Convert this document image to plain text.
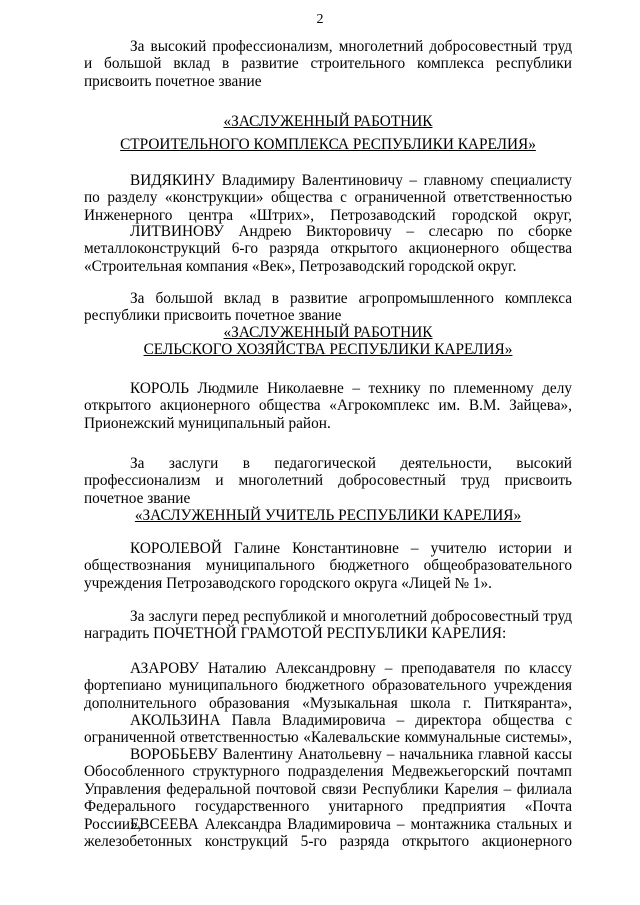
2

За высокий профессионализм, многолетний добросовестный труд и большой вклад в развитие строительного комплекса республики присвоить почетное звание

«ЗАСЛУЖЕННЫЙ РАБОТНИК

СТРОИТЕЛЬНОГО КОМПЛЕКСА РЕСПУБЛИКИ КАРЕЛИЯ»

ВИДЯКИНУ Владимиру Валентиновичу – главному специалисту по разделу «конструкции» общества с ограниченной ответственностью Инженерного центра «Штрих», Петрозаводский городской округ,

ЛИТВИНОВУ Андрею Викторовичу – слесарю по сборке металлоконструкций 6-го разряда открытого акционерного общества «Строительная компания «Век», Петрозаводский городской округ.

За большой вклад в развитие агропромышленного комплекса республики присвоить почетное звание

«ЗАСЛУЖЕННЫЙ РАБОТНИК

СЕЛЬСКОГО ХОЗЯЙСТВА РЕСПУБЛИКИ КАРЕЛИЯ»

КОРОЛЬ Людмиле Николаевне – технику по племенному делу открытого акционерного общества «Агрокомплекс им. В.М. Зайцева», Прионежский муниципальный район.

За заслуги в педагогической деятельности, высокий профессионализм и многолетний добросовестный труд присвоить почетное звание

«ЗАСЛУЖЕННЫЙ УЧИТЕЛЬ РЕСПУБЛИКИ КАРЕЛИЯ»

КОРОЛЕВОЙ Галине Константиновне – учителю истории и обществознания муниципального бюджетного общеобразовательного учреждения Петрозаводского городского округа «Лицей № 1».

За заслуги перед республикой и многолетний добросовестный труд наградить ПОЧЕТНОЙ ГРАМОТОЙ РЕСПУБЛИКИ КАРЕЛИЯ:

АЗАРОВУ Наталию Александровну – преподавателя по классу фортепиано муниципального бюджетного образовательного учреждения дополнительного образования «Музыкальная школа г. Питкяранта»,

АКОЛЬЗИНА Павла Владимировича – директора общества с ограниченной ответственностью «Калевальские коммунальные системы»,

ВОРОБЬЕВУ Валентину Анатольевну – начальника главной кассы Обособленного структурного подразделения Медвежьегорский почтамп Управления федеральной почтовой связи Республики Карелия – филиала Федерального государственного унитарного предприятия «Почта России»,

ЕВСЕЕВА Александра Владимировича – монтажника стальных и железобетонных конструкций 5-го разряда открытого акционерного
